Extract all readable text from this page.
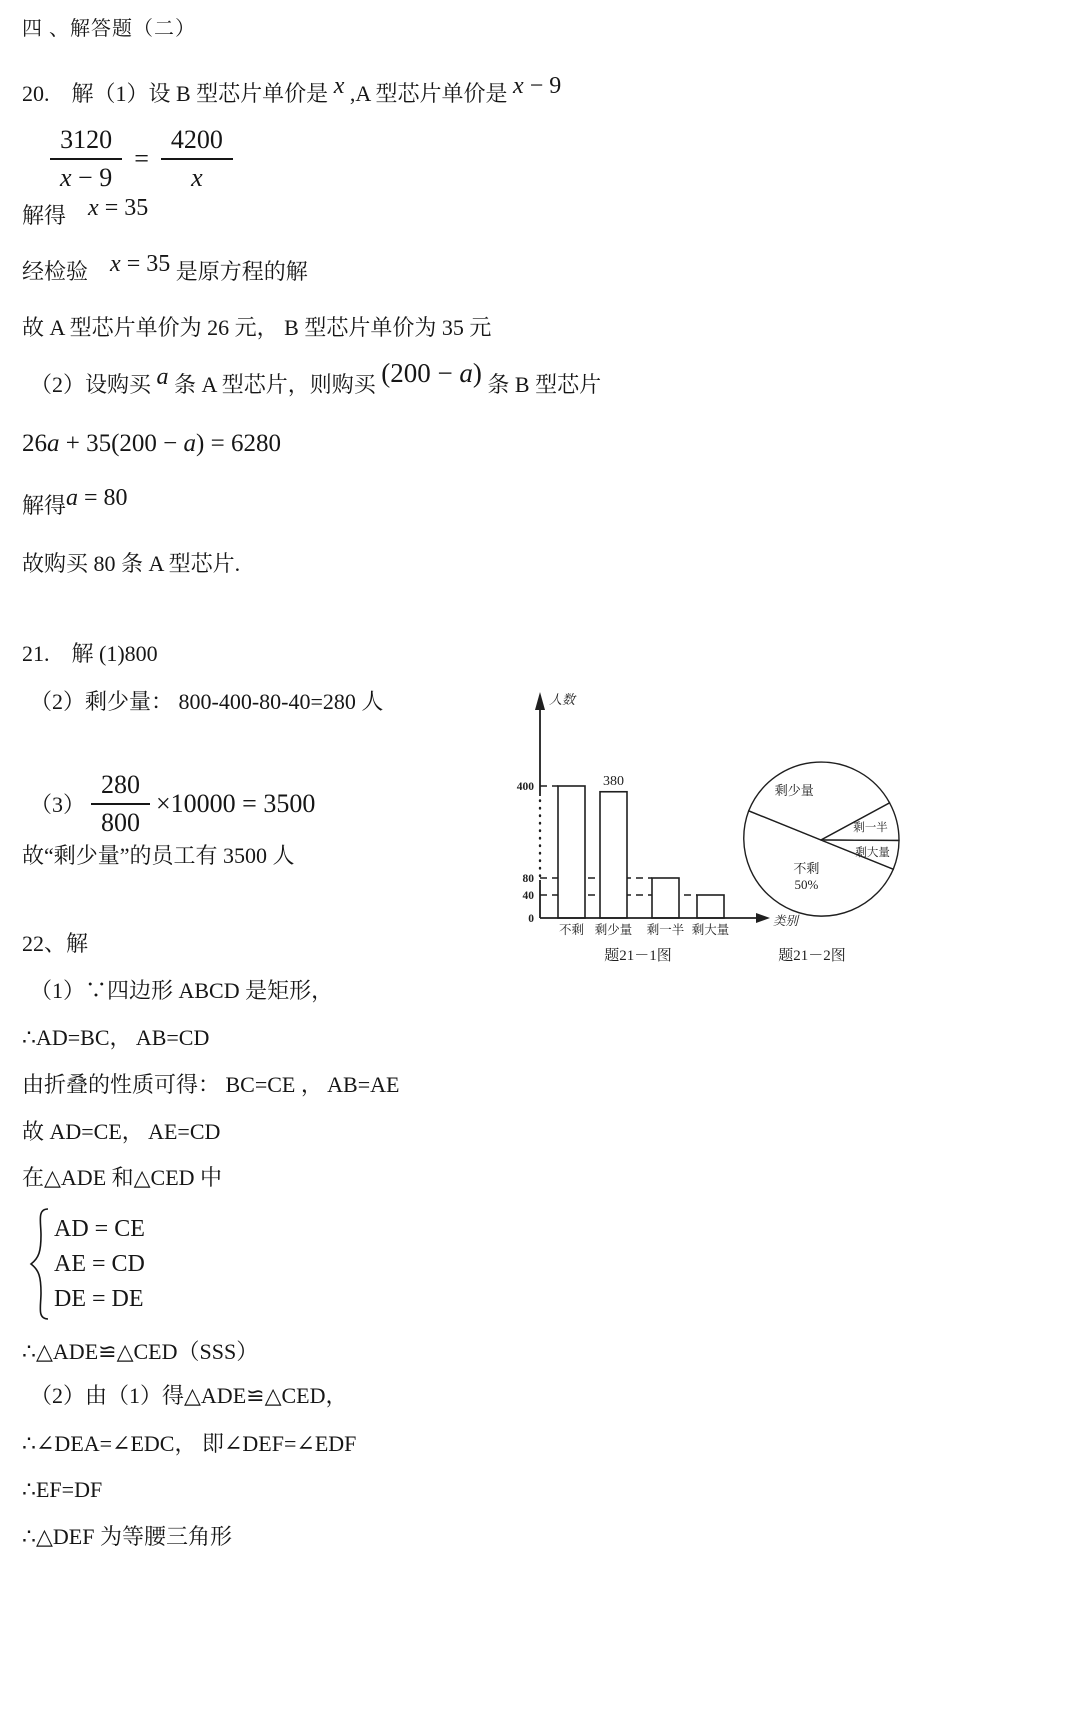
四 、解答题（二）
20.　解（1）设 B 型芯片单价是 x ,A 型芯片单价是 x − 9
$\frac{3120}{x - 9} = \frac{4200}{x}$
解得　 x = 35
经检验　 x = 35 是原方程的解
故 A 型芯片单价为 26 元， B 型芯片单价为 35 元
（2）设购买 a 条 A 型芯片，则购买 (200 − a) 条 B 型芯片
26a + 35(200 − a) = 6280
解得a = 80
故购买 80 条 A 型芯片.
21.　解 (1)800
（2）剩少量： 800-400-80-40=280 人
$(3) \frac{280}{800} \times 10000 = 3500$
故“剩少量”的员工有 3500 人
22、解
（1）∵四边形 ABCD 是矩形，
∴AD=BC， AB=CD
由折叠的性质可得： BC=CE ， AB=AE
故 AD=CE， AE=CD
在△ADE 和△CED 中
AD = CE
AE = CD
DE = DE
∴△ADE≌△CED（SSS）
（2）由（1）得△ADE≌△CED，
∴∠DEA=∠EDC， 即∠DEF=∠EDF
∴EF=DF
∴△DEF 为等腰三角形
不剩
380
剩少量 剩一半 剩大量
人数
0
40
80
400
类别
题21－1图
不剩
50%
剩少量
剩一半
剩大量
题21－2图
